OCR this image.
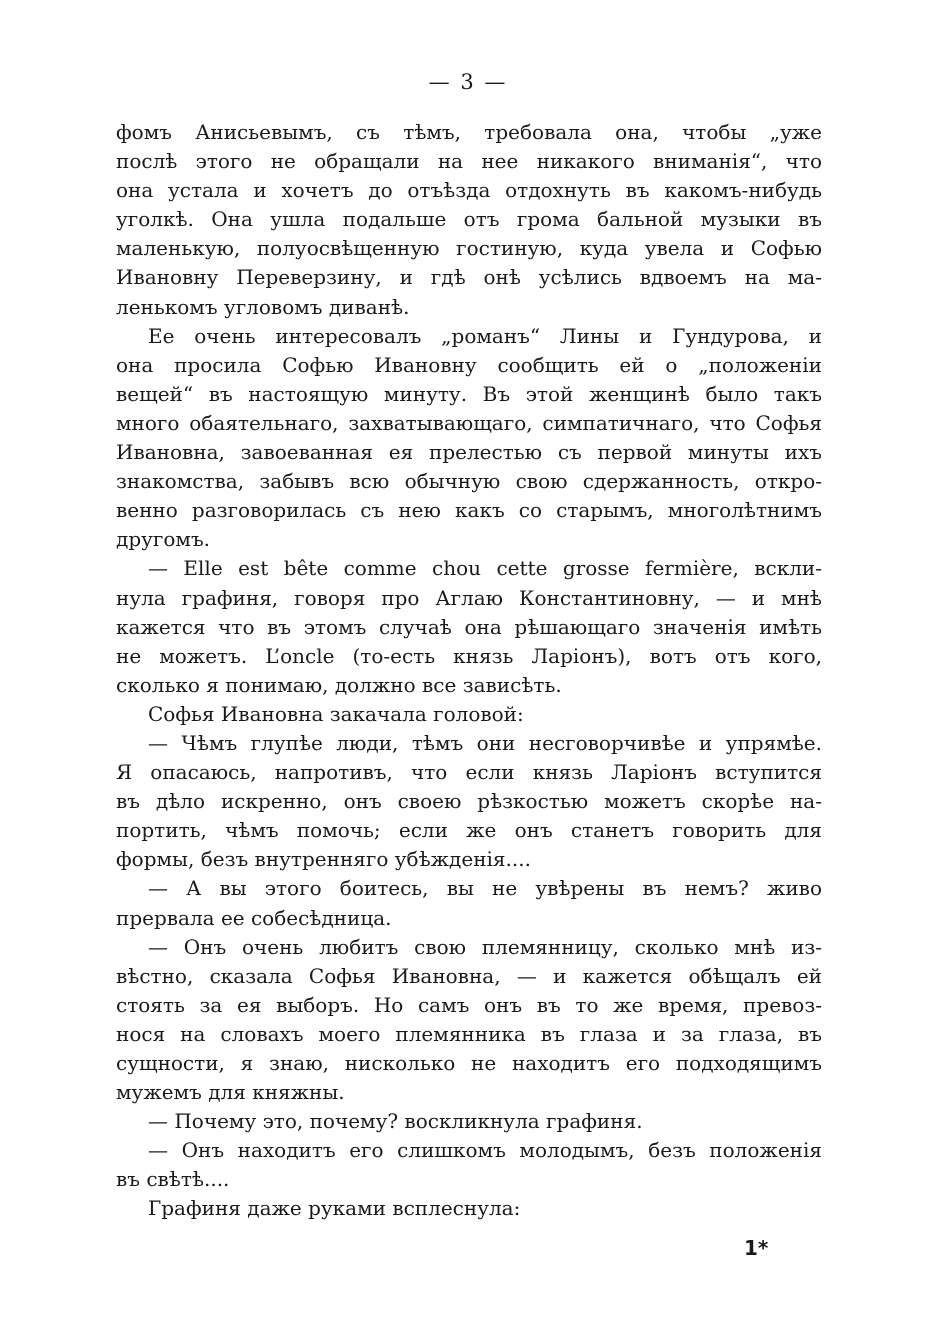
— 3 —
фомъ Анисьевымъ, съ тѣмъ, требовала она, чтобы „уже
послѣ этого не обращали на нее никакого вниманія“, что
она устала и хочетъ до отъѣзда отдохнуть въ какомъ-нибудь
уголкѣ. Она ушла подальше отъ грома бальной музыки въ
маленькую, полуосвѣщенную гостиную, куда увела и Софью
Ивановну Переверзину, и гдѣ онѣ усѣлись вдвоемъ на ма-
ленькомъ угловомъ диванѣ.
Ее очень интересовалъ „романъ“ Лины и Гундурова, и
она просила Софью Ивановну сообщить ей о „положеніи
вещей“ въ настоящую минуту. Въ этой женщинѣ было такъ
много обаятельнаго, захватывающаго, симпатичнаго, что Софья
Ивановна, завоеванная ея прелестью съ первой минуты ихъ
знакомства, забывъ всю обычную свою сдержанность, откро-
венно разговорилась съ нею какъ со старымъ, многолѣтнимъ
другомъ.
— Elle est bête comme chou cette grosse fermière, вскли-
нула графиня, говоря про Аглаю Константиновну, — и мнѣ
кажется что въ этомъ случаѣ она рѣшающаго значенія имѣть
не можетъ. L’oncle (то-есть князь Ларіонъ), вотъ отъ кого,
сколько я понимаю, должно все зависѣть.
Софья Ивановна закачала головой:
— Чѣмъ глупѣе люди, тѣмъ они несговорчивѣе и упрямѣе.
Я опасаюсь, напротивъ, что если князь Ларіонъ вступится
въ дѣло искренно, онъ своею рѣзкостью можетъ скорѣе на-
портить, чѣмъ помочь; если же онъ станетъ говорить для
формы, безъ внутренняго убѣжденія....
— А вы этого боитесь, вы не увѣрены въ немъ? живо
прервала ее собесѣдница.
— Онъ очень любитъ свою племянницу, сколько мнѣ из-
вѣстно, сказала Софья Ивановна, — и кажется обѣщалъ ей
стоять за ея выборъ. Но самъ онъ въ то же время, превоз-
нося на словахъ моего племянника въ глаза и за глаза, въ
сущности, я знаю, нисколько не находитъ его подходящимъ
мужемъ для княжны.
— Почему это, почему? воскликнула графиня.
— Онъ находитъ его слишкомъ молодымъ, безъ положенія
въ свѣтѣ....
Графиня даже руками всплеснула:
1*
